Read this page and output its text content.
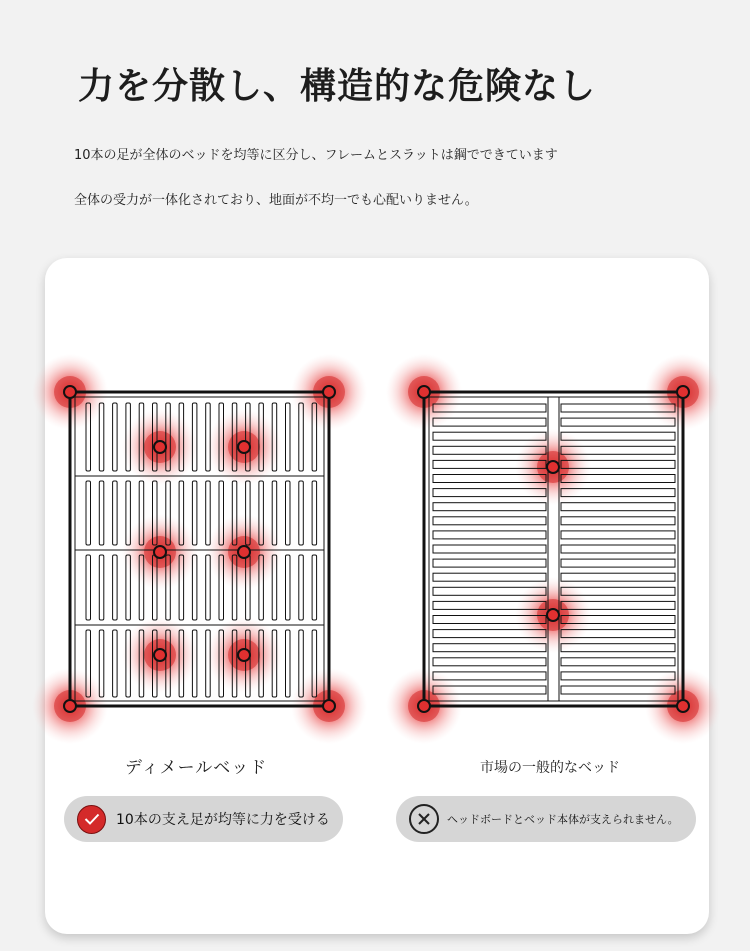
力を分散し、構造的な危険なし

10本の足が全体のベッドを均等に区分し、フレームとスラットは鋼でできています

全体の受力が一体化されており、地面が不均一でも心配いりません。

ディメールベッド	市場の一般的なベッド
10本の支え足が均等に力を受ける	ヘッドボードとベッド本体が支えられません。
